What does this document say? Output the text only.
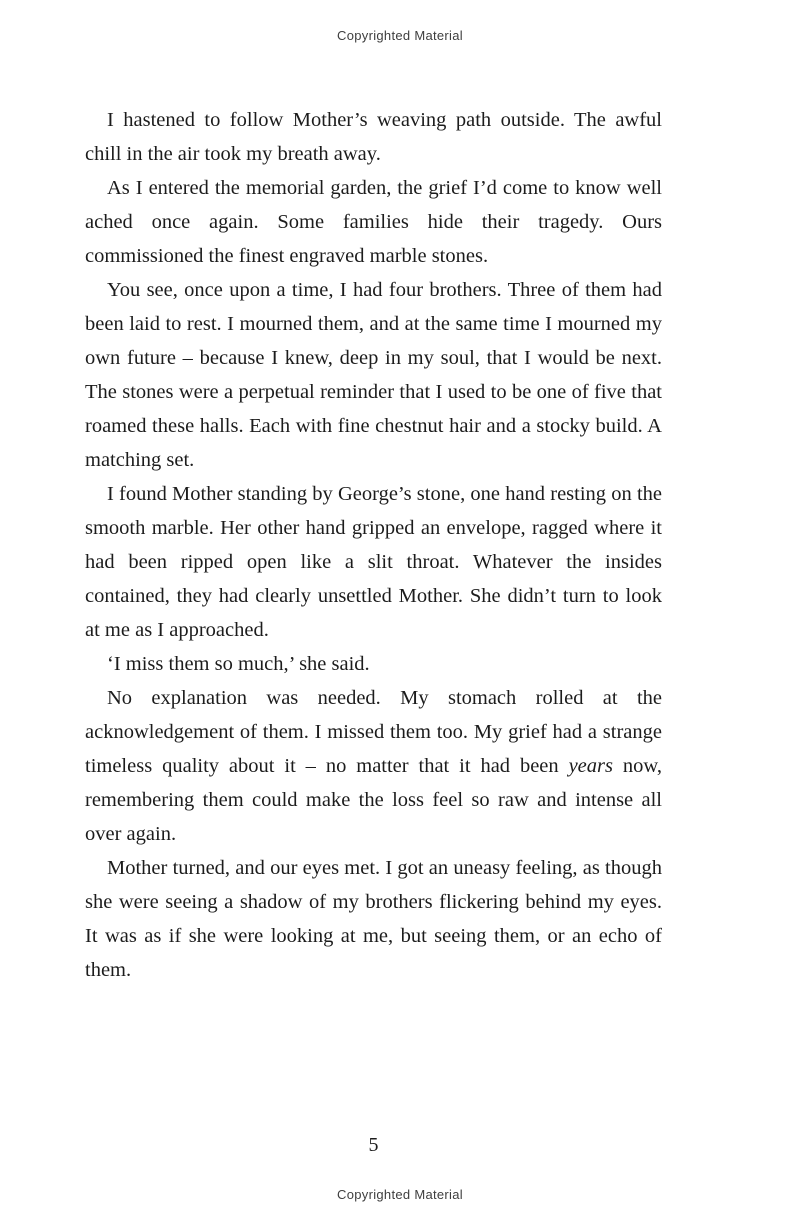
Copyrighted Material

I hastened to follow Mother’s weaving path outside. The awful chill in the air took my breath away.

As I entered the memorial garden, the grief I’d come to know well ached once again. Some families hide their tragedy. Ours commissioned the finest engraved marble stones.

You see, once upon a time, I had four brothers. Three of them had been laid to rest. I mourned them, and at the same time I mourned my own future – because I knew, deep in my soul, that I would be next. The stones were a perpetual reminder that I used to be one of five that roamed these halls. Each with fine chestnut hair and a stocky build. A matching set.

I found Mother standing by George’s stone, one hand resting on the smooth marble. Her other hand gripped an envelope, ragged where it had been ripped open like a slit throat. Whatever the insides contained, they had clearly unsettled Mother. She didn’t turn to look at me as I approached.

‘I miss them so much,’ she said.

No explanation was needed. My stomach rolled at the acknowledgement of them. I missed them too. My grief had a strange timeless quality about it – no matter that it had been years now, remembering them could make the loss feel so raw and intense all over again.

Mother turned, and our eyes met. I got an uneasy feeling, as though she were seeing a shadow of my brothers flickering behind my eyes. It was as if she were looking at me, but seeing them, or an echo of them.

5
Copyrighted Material
